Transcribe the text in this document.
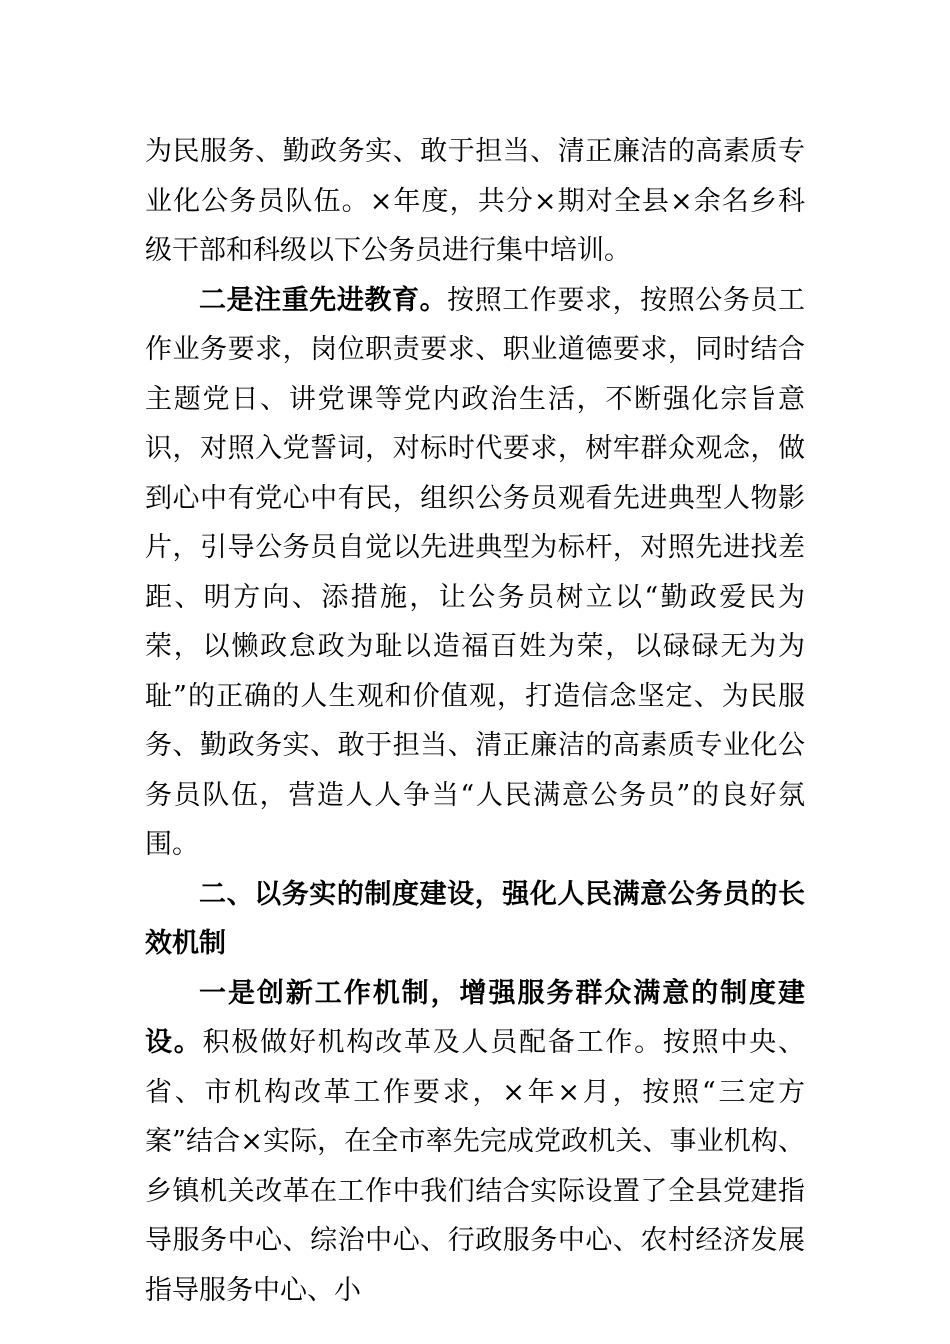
为民服务、勤政务实、敢于担当、清正廉洁的高素质专业化公务员队伍。×年度，共分×期对全县×余名乡科级干部和科级以下公务员进行集中培训。

二是注重先进教育。按照工作要求，按照公务员工作业务要求，岗位职责要求、职业道德要求，同时结合主题党日、讲党课等党内政治生活，不断强化宗旨意识，对照入党誓词，对标时代要求，树牢群众观念，做到心中有党心中有民，组织公务员观看先进典型人物影片，引导公务员自觉以先进典型为标杆，对照先进找差距、明方向、添措施，让公务员树立以“勤政爱民为荣，以懒政怠政为耻以造福百姓为荣，以碌碌无为为耻”的正确的人生观和价值观，打造信念坚定、为民服务、勤政务实、敢于担当、清正廉洁的高素质专业化公务员队伍，营造人人争当“人民满意公务员”的良好氛围。

二、以务实的制度建设，强化人民满意公务员的长效机制

一是创新工作机制，增强服务群众满意的制度建设。积极做好机构改革及人员配备工作。按照中央、省、市机构改革工作要求，×年×月，按照“三定方案”结合×实际，在全市率先完成党政机关、事业机构、乡镇机关改革在工作中我们结合实际设置了全县党建指导服务中心、综治中心、行政服务中心、农村经济发展指导服务中心、小
